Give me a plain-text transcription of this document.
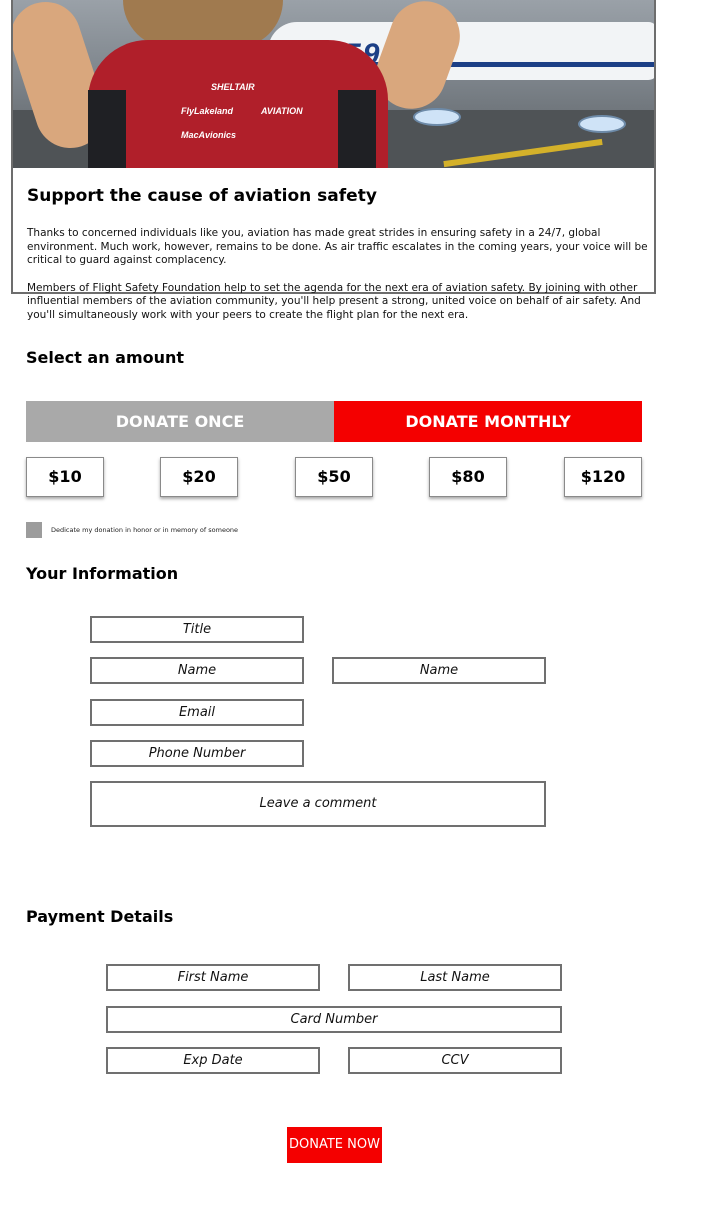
SHELTAIR
FlyLakeland
MacAvionics
AVIATION
Support the cause of aviation safety

Thanks to concerned individuals like you, aviation has made great strides in ensuring safety in a 24/7, global environment. Much work, however, remains to be done. As air traffic escalates in the coming years, your voice will be critical to guard against complacency.

Members of Flight Safety Foundation help to set the agenda for the next era of aviation safety. By joining with other influential members of the aviation community, you'll help present a strong, united voice on behalf of air safety. And you'll simultaneously work with your peers to create the flight plan for the next era.

Select an amount
DONATE ONCE	DONATE MONTHLY
$10	$20	$50	$80	$120
Dedicate my donation in honor or in memory of someone
Your Information
Title
Name	Name
Email
Phone Number
Leave a comment
Payment Details
First Name	Last Name
Card Number
Exp Date	CCV
DONATE NOW
